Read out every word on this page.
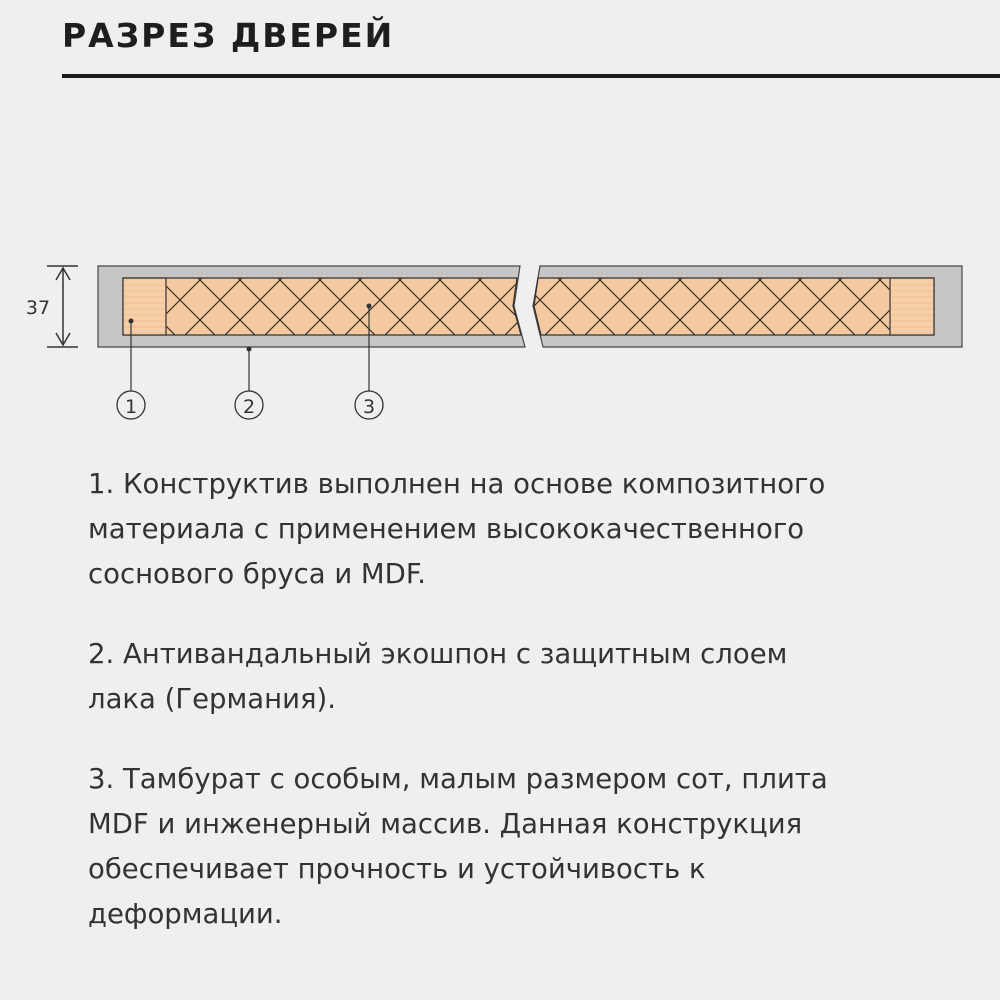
РАЗРЕЗ ДВЕРЕЙ
37
1	2	3

1. Конструктив выполнен на основе композитного
материала с применением высококачественного
соснового бруса и MDF.

2. Антивандальный экошпон с защитным слоем
лака (Германия).

3. Тамбурат с особым, малым размером сот, плита
MDF и инженерный массив. Данная конструкция
обеспечивает прочность и устойчивость к
деформации.
